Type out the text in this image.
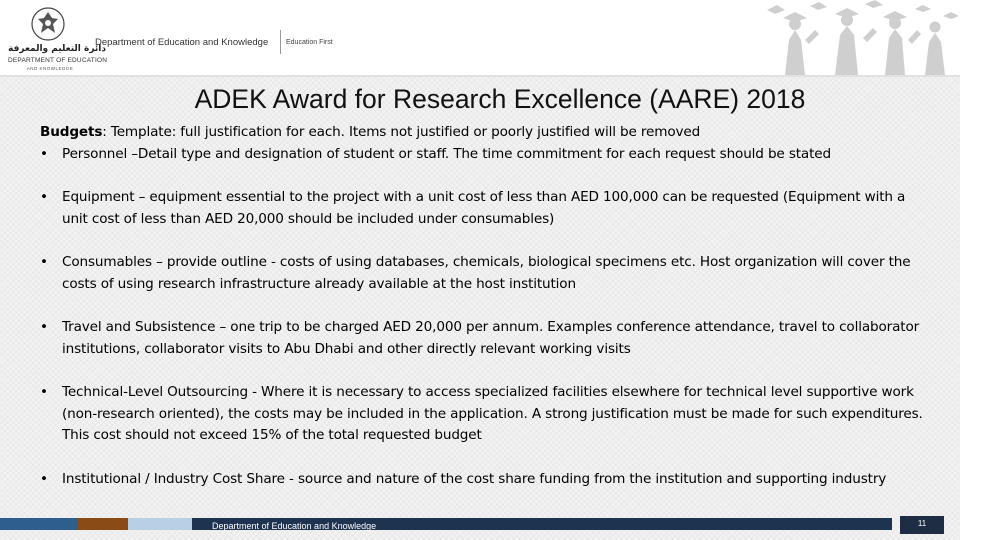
دائرة التعليم والمعرفة
DEPARTMENT OF EDUCATION
AND KNOWLEDGE
Department of Education and Knowledge	Education First
ADEK Award for Research Excellence (AARE) 2018

Budgets: Template: full justification for each. Items not justified or poorly justified will be removed

• Personnel –Detail type and designation of student or staff. The time commitment for each request should be stated

• Equipment – equipment essential to the project with a unit cost of less than AED 100,000 can be requested (Equipment with a unit cost of less than AED 20,000 should be included under consumables)

• Consumables – provide outline - costs of using databases, chemicals, biological specimens etc. Host organization will cover the costs of using research infrastructure already available at the host institution

• Travel and Subsistence – one trip to be charged AED 20,000 per annum. Examples conference attendance, travel to collaborator institutions, collaborator visits to Abu Dhabi and other directly relevant working visits

• Technical-Level Outsourcing - Where it is necessary to access specialized facilities elsewhere for technical level supportive work (non-research oriented), the costs may be included in the application. A strong justification must be made for such expenditures. This cost should not exceed 15% of the total requested budget

• Institutional / Industry Cost Share - source and nature of the cost share funding from the institution and supporting industry

Department of Education and Knowledge	11
